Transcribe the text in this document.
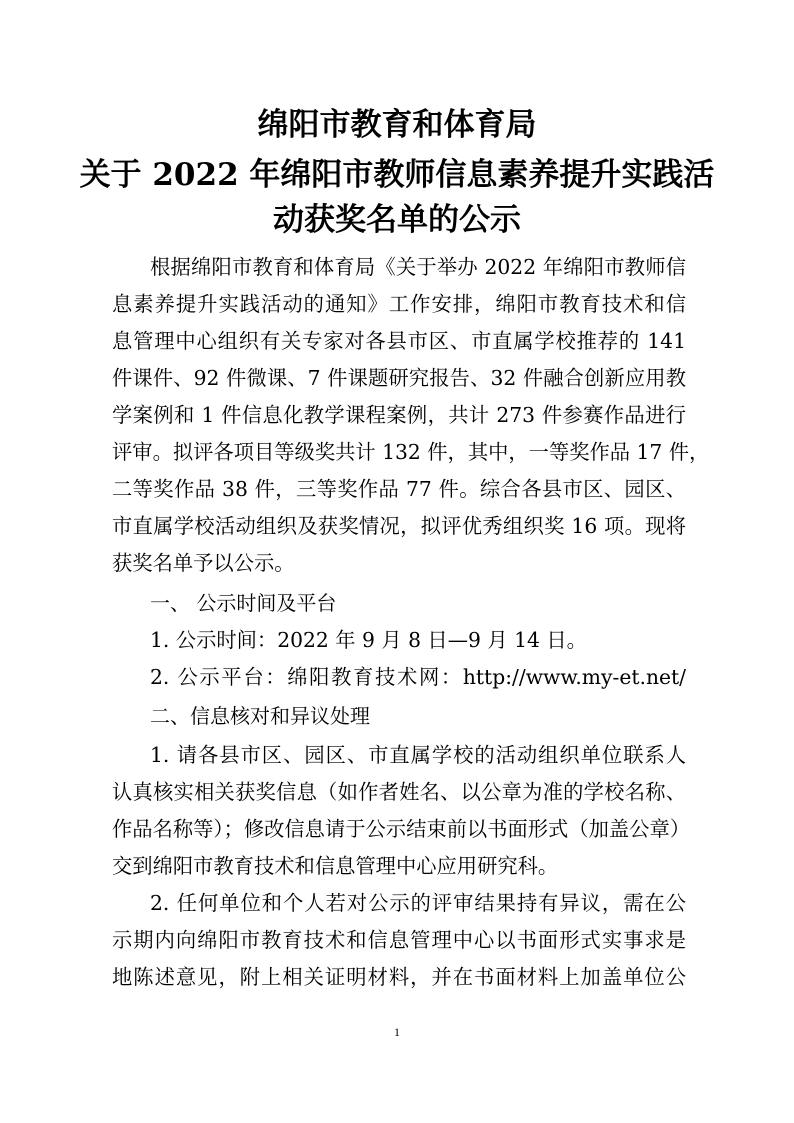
绵阳市教育和体育局
关于 2022 年绵阳市教师信息素养提升实践活
动获奖名单的公示
根据绵阳市教育和体育局《关于举办 2022 年绵阳市教师信
息素养提升实践活动的通知》工作安排，绵阳市教育技术和信
息管理中心组织有关专家对各县市区、市直属学校推荐的 141
件课件、92 件微课、7 件课题研究报告、32 件融合创新应用教
学案例和 1 件信息化教学课程案例，共计 273 件参赛作品进行
评审。拟评各项目等级奖共计 132 件，其中，一等奖作品 17 件，
二等奖作品 38 件，三等奖作品 77 件。综合各县市区、园区、
市直属学校活动组织及获奖情况，拟评优秀组织奖 16 项。现将
获奖名单予以公示。
一、 公示时间及平台
1. 公示时间：2022 年 9 月 8 日—9 月 14 日。
2. 公示平台：绵阳教育技术网：http://www.my-et.net/
二、信息核对和异议处理
1. 请各县市区、园区、市直属学校的活动组织单位联系人
认真核实相关获奖信息（如作者姓名、以公章为准的学校名称、
作品名称等）；修改信息请于公示结束前以书面形式（加盖公章）
交到绵阳市教育技术和信息管理中心应用研究科。
2. 任何单位和个人若对公示的评审结果持有异议，需在公
示期内向绵阳市教育技术和信息管理中心以书面形式实事求是
地陈述意见，附上相关证明材料，并在书面材料上加盖单位公
1
